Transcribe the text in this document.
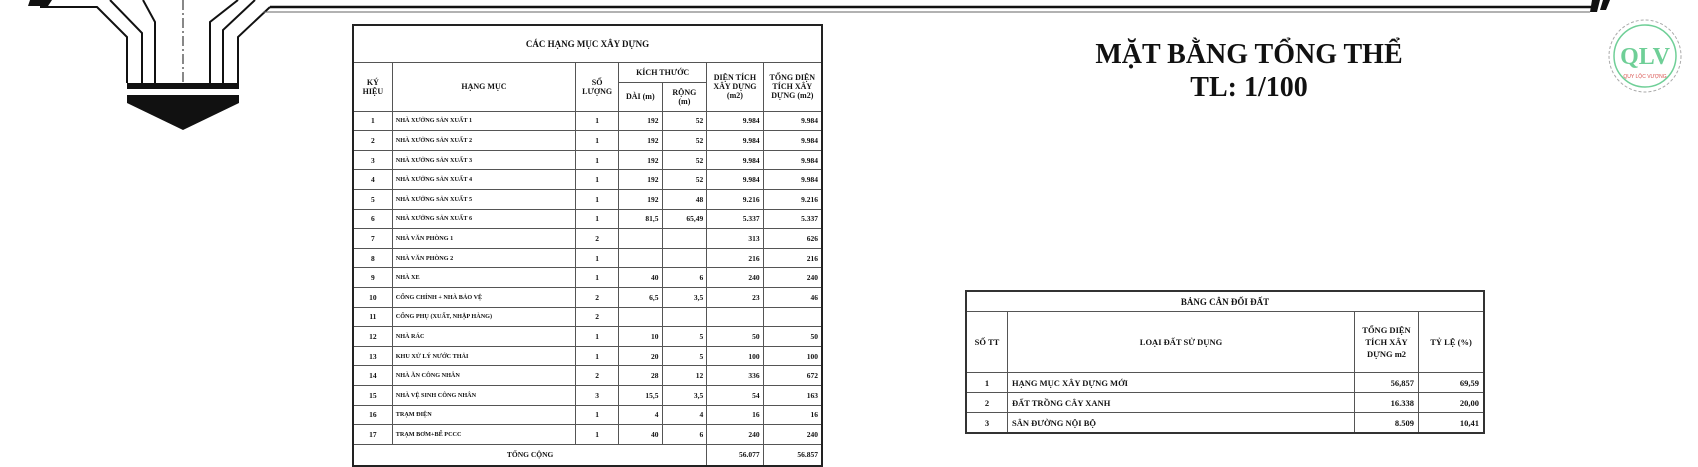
CÁC HẠNG MỤC XÂY DỰNG						
KÝ HIỆU	HẠNG MỤC	SỐ LƯỢNG	KÍCH THƯỚC		DIỆN TÍCH XÂY DỰNG (m2)	TỔNG DIỆN TÍCH XÂY DỰNG (m2)
			DÀI (m)	RỘNG (m)		
1	NHÀ XƯỞNG SẢN XUẤT 1	1	192	52	9.984	9.984
2	NHÀ XƯỞNG SẢN XUẤT 2	1	192	52	9.984	9.984
3	NHÀ XƯỞNG SẢN XUẤT 3	1	192	52	9.984	9.984
4	NHÀ XƯỞNG SẢN XUẤT 4	1	192	52	9.984	9.984
5	NHÀ XƯỞNG SẢN XUẤT 5	1	192	48	9.216	9.216
6	NHÀ XƯỞNG SẢN XUẤT 6	1	81,5	65,49	5.337	5.337
7	NHÀ VĂN PHÒNG 1	2			313	626
8	NHÀ VĂN PHÒNG 2	1			216	216
9	NHÀ XE	1	40	6	240	240
10	CỔNG CHÍNH + NHÀ BẢO VỆ	2	6,5	3,5	23	46
11	CỔNG PHỤ (XUẤT, NHẬP HÀNG)	2				
12	NHÀ RÁC	1	10	5	50	50
13	KHU XỬ LÝ NƯỚC THẢI	1	20	5	100	100
14	NHÀ ĂN CÔNG NHÂN	2	28	12	336	672
15	NHÀ VỆ SINH CÔNG NHÂN	3	15,5	3,5	54	163
16	TRẠM ĐIỆN	1	4	4	16	16
17	TRẠM BƠM+BỂ PCCC	1	40	6	240	240
TỔNG CỘNG					56.077	56.857
MẶT BẰNG TỔNG THỂ
TL: 1/100
QLV
QUY LỘC VƯỢNG
BẢNG CÂN ĐỐI ĐẤT			
SỐ TT	LOẠI ĐẤT SỬ DỤNG	TỔNG DIỆN TÍCH XÂY DỰNG m2	TỶ LỆ (%)
1	HẠNG MỤC XÂY DỰNG MỚI	56,857	69,59
2	ĐẤT TRỒNG CÂY XANH	16.338	20,00
3	SÂN ĐƯỜNG NỘI BỘ	8.509	10,41
